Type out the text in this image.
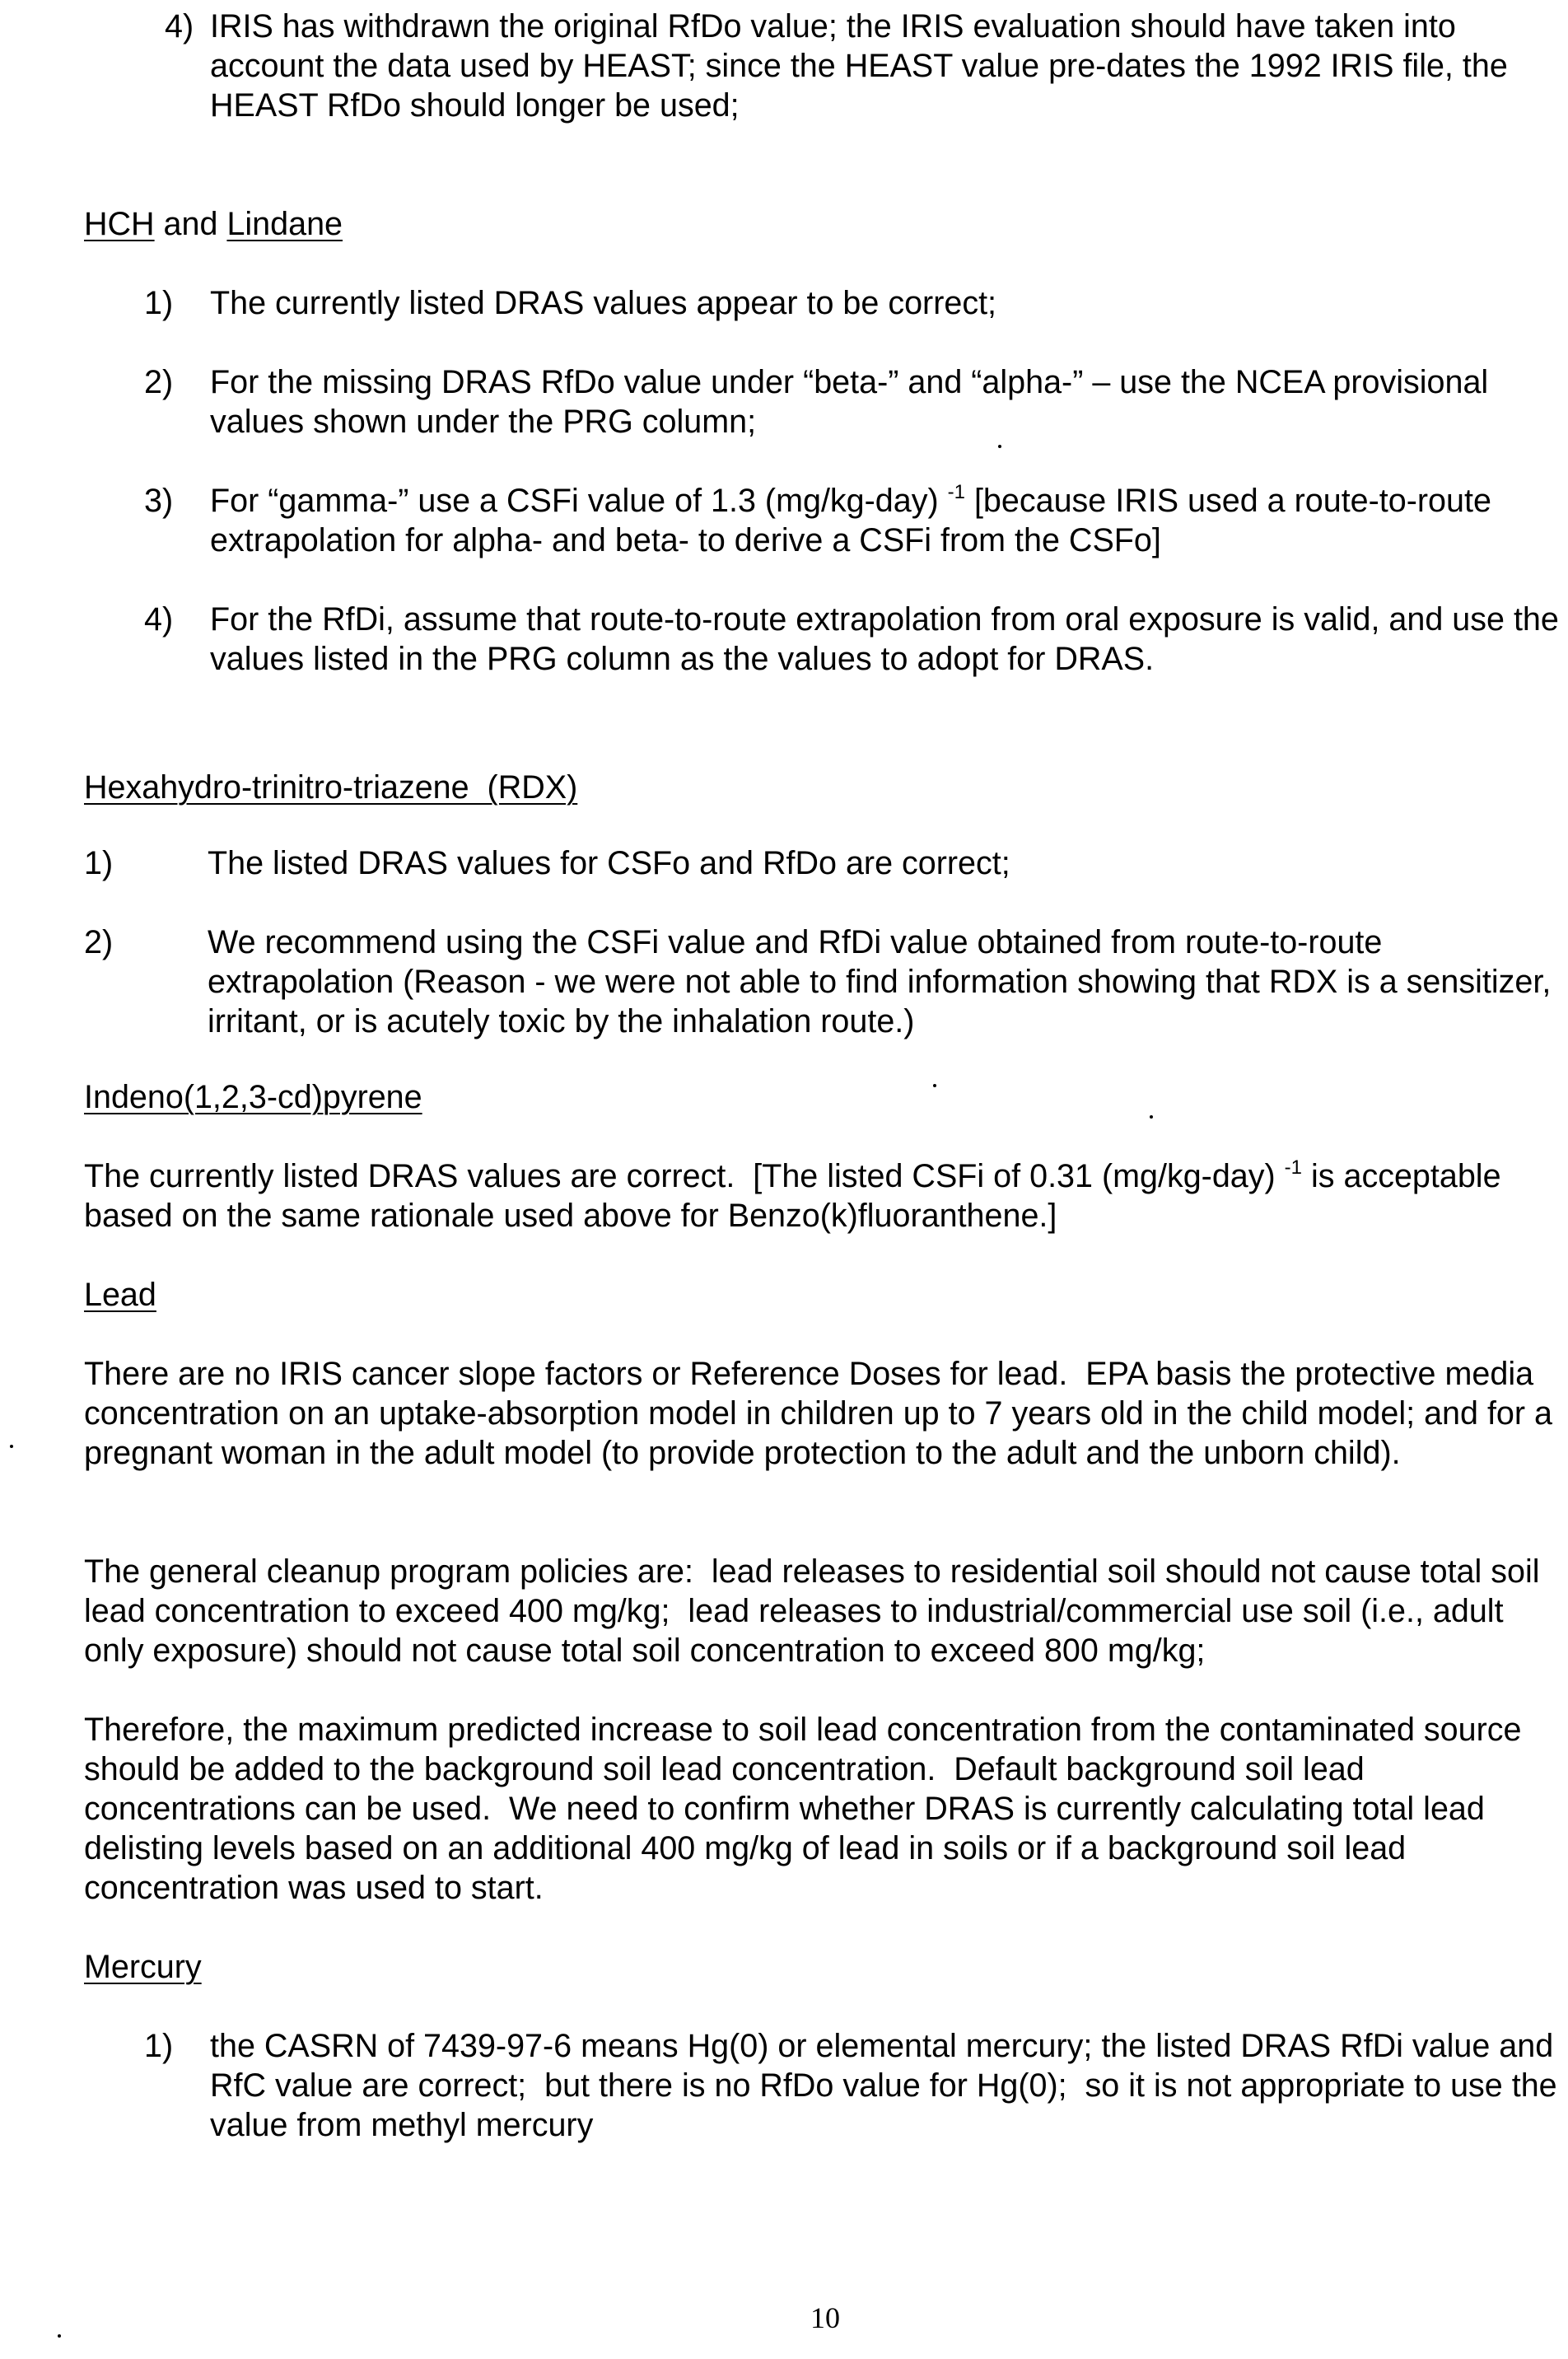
4) IRIS has withdrawn the original RfDo value; the IRIS evaluation should have taken into account the data used by HEAST; since the HEAST value pre-dates the 1992 IRIS file, the HEAST RfDo should longer be used;
HCH and Lindane
1) The currently listed DRAS values appear to be correct;
2) For the missing DRAS RfDo value under “beta-” and “alpha-” – use the NCEA provisional values shown under the PRG column;
3) For “gamma-” use a CSFi value of 1.3 (mg/kg-day) $^{-1}$ [because IRIS used a route-to-route extrapolation for alpha- and beta- to derive a CSFi from the CSFo]
4) For the RfDi, assume that route-to-route extrapolation from oral exposure is valid, and use the values listed in the PRG column as the values to adopt for DRAS.
Hexahydro-trinitro-triazene  (RDX)
1)	The listed DRAS values for CSFo and RfDo are correct;
2)	We recommend using the CSFi value and RfDi value obtained from route-to-route extrapolation (Reason - we were not able to find information showing that RDX is a sensitizer, irritant, or is acutely toxic by the inhalation route.)
Indeno(1,2,3-cd)pyrene
The currently listed DRAS values are correct.  [The listed CSFi of 0.31 (mg/kg-day) $^{-1}$ is acceptable based on the same rationale used above for Benzo(k)fluoranthene.]
Lead
There are no IRIS cancer slope factors or Reference Doses for lead.  EPA basis the protective media concentration on an uptake-absorption model in children up to 7 years old in the child model; and for a pregnant woman in the adult model (to provide protection to the adult and the unborn child).
The general cleanup program policies are:  lead releases to residential soil should not cause total soil lead concentration to exceed 400 mg/kg;  lead releases to industrial/commercial use soil (i.e., adult only exposure) should not cause total soil concentration to exceed 800 mg/kg;
Therefore, the maximum predicted increase to soil lead concentration from the contaminated source should be added to the background soil lead concentration.  Default background soil lead concentrations can be used.  We need to confirm whether DRAS is currently calculating total lead delisting levels based on an additional 400 mg/kg of lead in soils or if a background soil lead concentration was used to start.
Mercury
1) the CASRN of 7439-97-6 means Hg(0) or elemental mercury; the listed DRAS RfDi value and RfC value are correct;  but there is no RfDo value for Hg(0);  so it is not appropriate to use the value from methyl mercury
10
